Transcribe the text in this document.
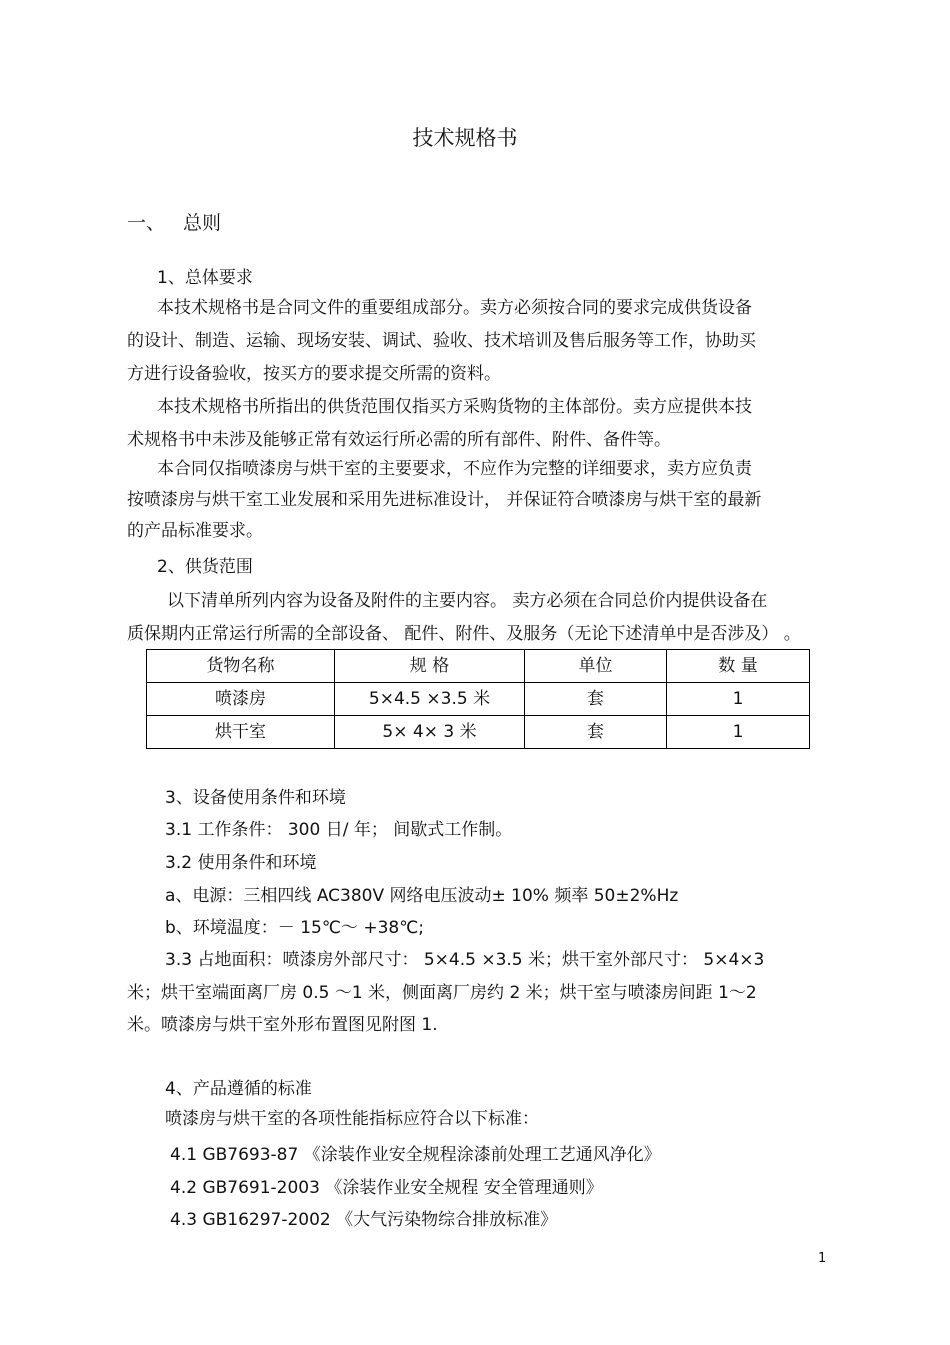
技术规格书
一、 总则
1、总体要求
本技术规格书是合同文件的重要组成部分。卖方必须按合同的要求完成供货设备
的设计、制造、运输、现场安装、调试、验收、技术培训及售后服务等工作，协助买
方进行设备验收，按买方的要求提交所需的资料。
本技术规格书所指出的供货范围仅指买方采购货物的主体部份。卖方应提供本技
术规格书中未涉及能够正常有效运行所必需的所有部件、附件、备件等。
本合同仅指喷漆房与烘干室的主要要求，不应作为完整的详细要求，卖方应负责
按喷漆房与烘干室工业发展和采用先进标准设计， 并保证符合喷漆房与烘干室的最新
的产品标准要求。
2、供货范围
以下清单所列内容为设备及附件的主要内容。 卖方必须在合同总价内提供设备在
质保期内正常运行所需的全部设备、 配件、附件、及服务（无论下述清单中是否涉及） 。
货物名称	规 格	单位	数 量
喷漆房	5×4.5 ×3.5 米	套	1
烘干室	5× 4× 3 米	套	1
3、设备使用条件和环境
3.1 工作条件： 300 日/ 年； 间歇式工作制。
3.2 使用条件和环境
a、电源：三相四线 AC380V 网络电压波动± 10% 频率 50±2%Hz
b、环境温度：－ 15℃～ +38℃;
3.3 占地面积：喷漆房外部尺寸： 5×4.5 ×3.5 米；烘干室外部尺寸： 5×4×3
米；烘干室端面离厂房 0.5 ～1 米，侧面离厂房约 2 米；烘干室与喷漆房间距 1～2
米。喷漆房与烘干室外形布置图见附图 1.
4、产品遵循的标准
喷漆房与烘干室的各项性能指标应符合以下标准：
4.1 GB7693-87 《涂装作业安全规程涂漆前处理工艺通风净化》
4.2 GB7691-2003 《涂装作业安全规程 安全管理通则》
4.3 GB16297-2002 《大气污染物综合排放标准》
1
